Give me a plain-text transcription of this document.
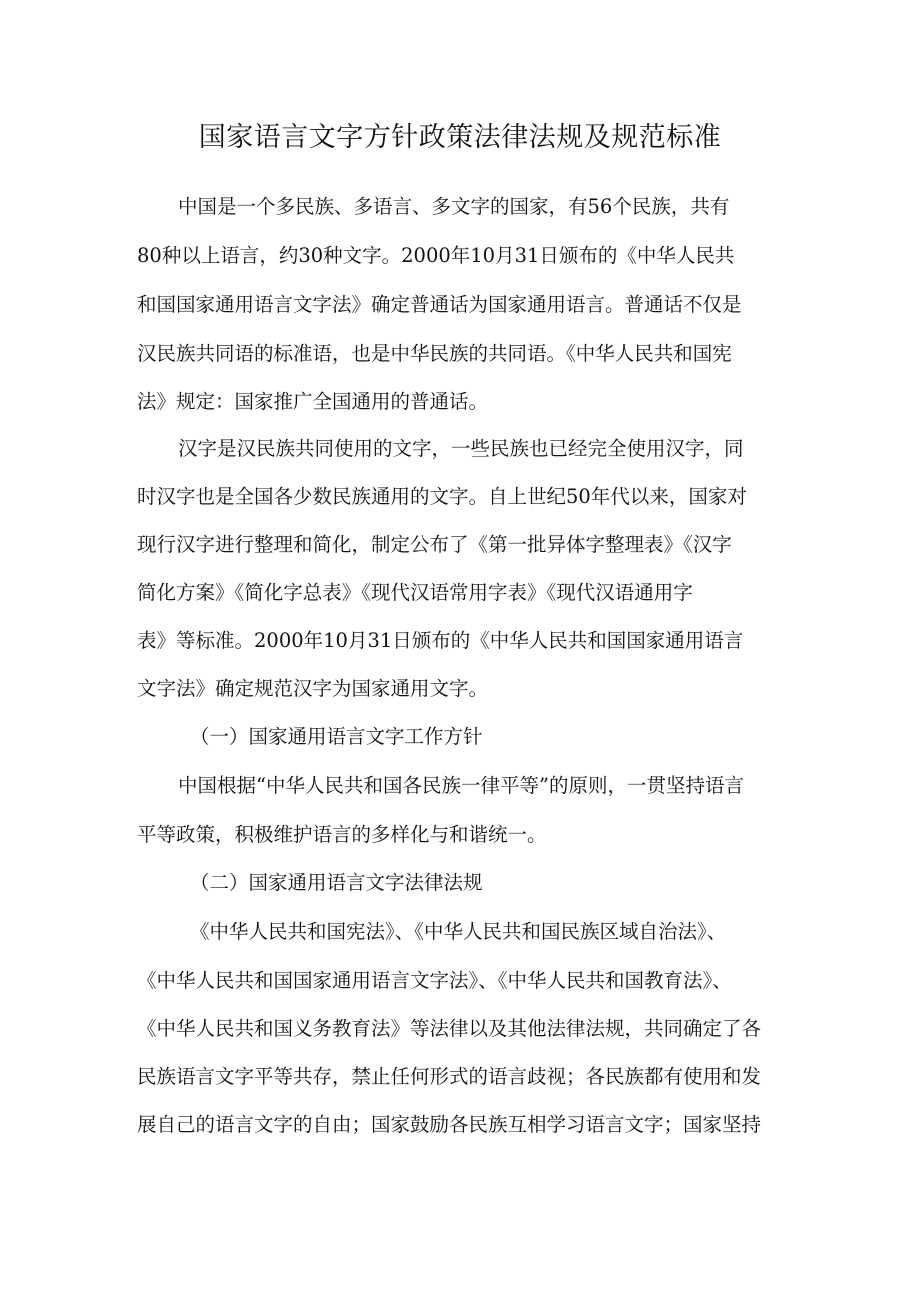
国家语言文字方针政策法律法规及规范标准

中国是一个多民族、多语言、多文字的国家，有56个民族，共有

80种以上语言，约30种文字。2000年10月31日颁布的《中华人民共

和国国家通用语言文字法》确定普通话为国家通用语言。普通话不仅是

汉民族共同语的标准语，也是中华民族的共同语。《中华人民共和国宪

法》规定：国家推广全国通用的普通话。

汉字是汉民族共同使用的文字，一些民族也已经完全使用汉字，同

时汉字也是全国各少数民族通用的文字。自上世纪50年代以来，国家对

现行汉字进行整理和简化，制定公布了《第一批异体字整理表》《汉字

简化方案》《简化字总表》《现代汉语常用字表》《现代汉语通用字

表》等标准。2000年10月31日颁布的《中华人民共和国国家通用语言

文字法》确定规范汉字为国家通用文字。

（一）国家通用语言文字工作方针

中国根据“中华人民共和国各民族一律平等”的原则，一贯坚持语言

平等政策，积极维护语言的多样化与和谐统一。

（二）国家通用语言文字法律法规

《中华人民共和国宪法》、《中华人民共和国民族区域自治法》、

《中华人民共和国国家通用语言文字法》、《中华人民共和国教育法》、

《中华人民共和国义务教育法》等法律以及其他法律法规，共同确定了各

民族语言文字平等共存，禁止任何形式的语言歧视；各民族都有使用和发

展自己的语言文字的自由；国家鼓励各民族互相学习语言文字；国家坚持
